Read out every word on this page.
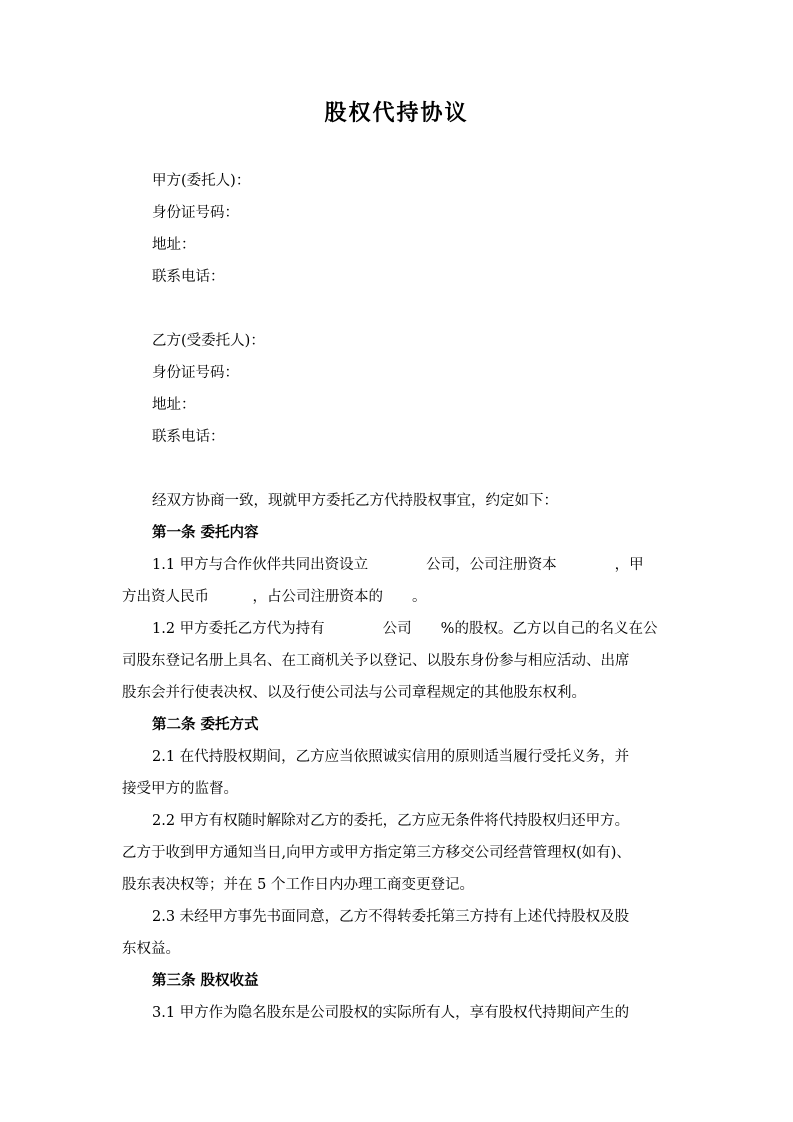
股权代持协议
甲方(委托人)：
身份证号码：
地址：
联系电话：
乙方(受委托人)：
身份证号码：
地址：
联系电话：
经双方协商一致，现就甲方委托乙方代持股权事宜，约定如下：
第一条 委托内容
1.1 甲方与合作伙伴共同出资设立　　　　公司，公司注册资本　　　　，甲
方出资人民币　　　，占公司注册资本的　　。
1.2 甲方委托乙方代为持有　　　　公司　　%的股权。乙方以自己的名义在公
司股东登记名册上具名、在工商机关予以登记、以股东身份参与相应活动、出席
股东会并行使表决权、以及行使公司法与公司章程规定的其他股东权利。
第二条 委托方式
2.1 在代持股权期间，乙方应当依照诚实信用的原则适当履行受托义务，并
接受甲方的监督。
2.2 甲方有权随时解除对乙方的委托，乙方应无条件将代持股权归还甲方。
乙方于收到甲方通知当日,向甲方或甲方指定第三方移交公司经营管理权(如有)、
股东表决权等；并在 5 个工作日内办理工商变更登记。
2.3 未经甲方事先书面同意，乙方不得转委托第三方持有上述代持股权及股
东权益。
第三条 股权收益
3.1 甲方作为隐名股东是公司股权的实际所有人，享有股权代持期间产生的
